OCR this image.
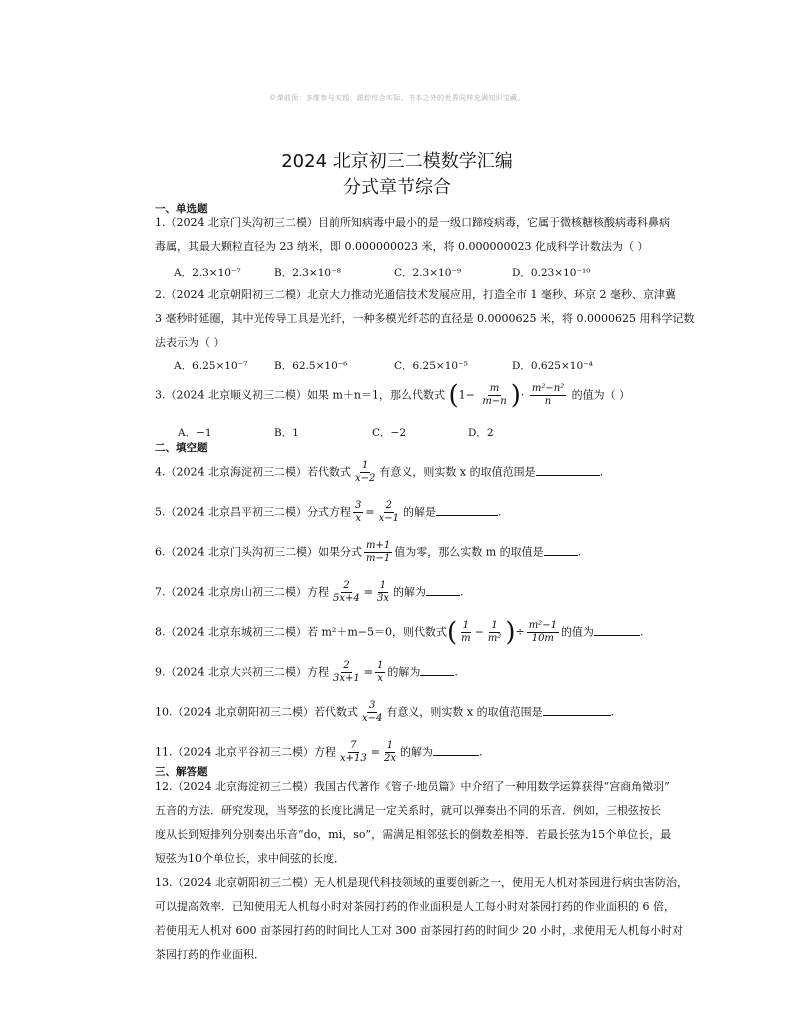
©课前预：多维参与实践、跟踪综合实际、书本之外的世界同样充满知识宝藏。
2024 北京初三二模数学汇编
分式章节综合
一、单选题
1.（2024 北京门头沟初三二模）目前所知病毒中最小的是一级口蹄疫病毒，它属于微核糖核酸病毒科鼻病
毒属，其最大颗粒直径为 23 纳米，即 0.000000023 米，将 0.000000023 化成科学计数法为（ ）
A．2.3×10⁻⁷	B．2.3×10⁻⁸	C．2.3×10⁻⁹	D．0.23×10⁻¹⁰
2.（2024 北京朝阳初三二模）北京大力推动光通信技术发展应用，打造全市 1 毫秒、环京 2 毫秒、京津冀
3 毫秒时延圈，其中光传导工具是光纤，一种多模光纤芯的直径是 0.0000625 米，将 0.0000625 用科学记数
法表示为（ ）
A．6.25×10⁻⁷	B．62.5×10⁻⁶	C．6.25×10⁻⁵	D．0.625×10⁻⁴
3.（2024 北京顺义初三二模）如果 m＋n＝1，那么代数式 ($1- \frac{m}{m-n}$ )· $\frac{\text{m²−n²}}{n}$ 的值为（ ）
A．−1	B．1	C．−2	D．2
二、填空题
4.（2024 北京海淀初三二模）若代数式 $\frac{1}{x-2}$ 有意义，则实数 x 的取值范围是	.
5.（2024 北京昌平初三二模）分式方程 $\frac{3}{x} = \frac{2}{x-1}$ 的解是	.
6.（2024 北京门头沟初三二模）如果分式 $\frac{m+1}{m-1}$ 值为零，那么实数 m 的取值是	.
7.（2024 北京房山初三二模）方程 $\frac{2}{5x+4} = \frac{1}{3x}$ 的解为	.
8.（2024 北京东城初三二模）若 m²＋m−5＝0，则代数式( $\frac{1}{m} - \frac{1}{\text{m²}}$ )÷ $\frac{\text{m²−1}}{10m}$ 的值为	.
9.（2024 北京大兴初三二模）方程 $\frac{2}{3x+1} = \frac{1}{x}$ 的解为	.
10.（2024 北京朝阳初三二模）若代数式 $\frac{3}{x-4}$ 有意义，则实数 x 的取值范围是	.
11.（2024 北京平谷初三二模）方程 $\frac{7}{x+13} = \frac{1}{2x}$ 的解为	.
三、解答题
12.（2024 北京海淀初三二模）我国古代著作《管子·地员篇》中介绍了一种用数学运算获得“宫商角徵羽”
五音的方法．研究发现，当琴弦的长度比满足一定关系时，就可以弹奏出不同的乐音．例如，三根弦按长
度从长到短排列分别奏出乐音“do，mi，so”，需满足相邻弦长的倒数差相等．若最长弦为15个单位长，最
短弦为10个单位长，求中间弦的长度．
13.（2024 北京朝阳初三二模）无人机是现代科技领域的重要创新之一，使用无人机对茶园进行病虫害防治，
可以提高效率．已知使用无人机每小时对茶园打药的作业面积是人工每小时对茶园打药的作业面积的 6 倍，
若使用无人机对 600 亩茶园打药的时间比人工对 300 亩茶园打药的时间少 20 小时，求使用无人机每小时对
茶园打药的作业面积．
